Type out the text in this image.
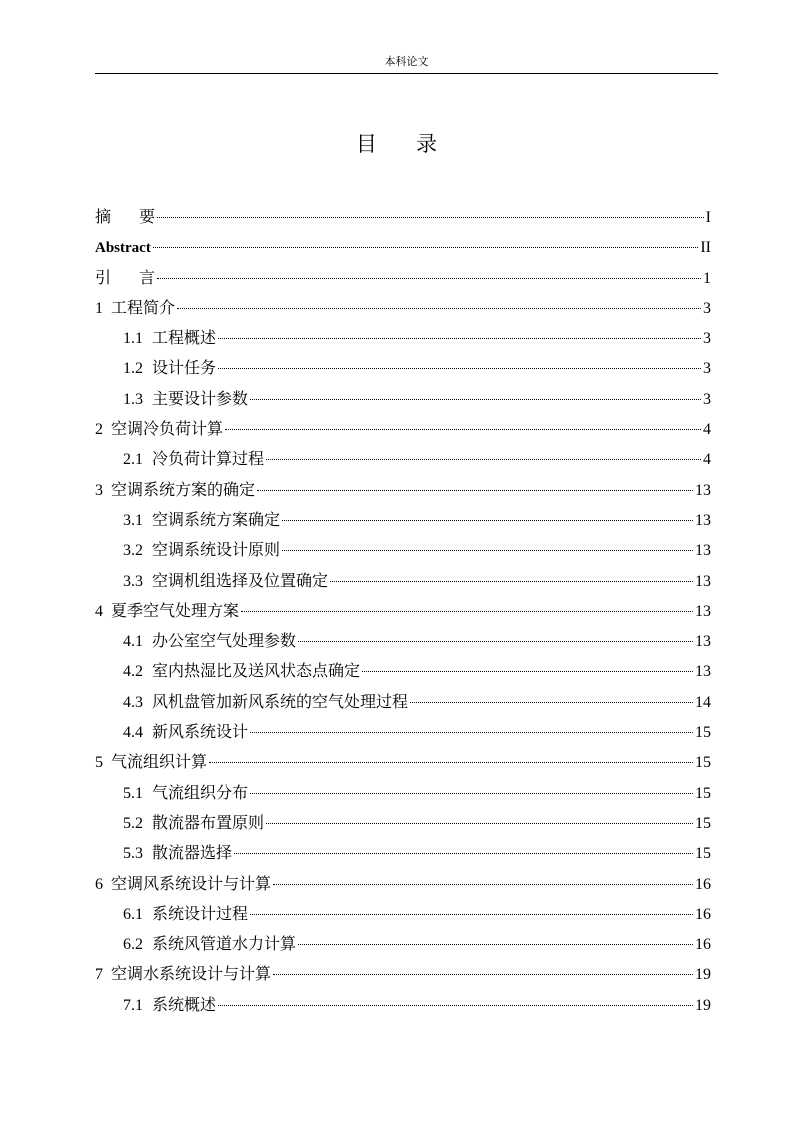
本科论文
目 录
摘 要	I
Abstract	II
引 言	1
1 工程简介	3
1.1 工程概述	3
1.2 设计任务	3
1.3 主要设计参数	3
2 空调冷负荷计算	4
2.1 冷负荷计算过程	4
3 空调系统方案的确定	13
3.1 空调系统方案确定	13
3.2 空调系统设计原则	13
3.3 空调机组选择及位置确定	13
4 夏季空气处理方案	13
4.1 办公室空气处理参数	13
4.2 室内热湿比及送风状态点确定	13
4.3 风机盘管加新风系统的空气处理过程	14
4.4 新风系统设计	15
5 气流组织计算	15
5.1 气流组织分布	15
5.2 散流器布置原则	15
5.3 散流器选择	15
6 空调风系统设计与计算	16
6.1 系统设计过程	16
6.2 系统风管道水力计算	16
7 空调水系统设计与计算	19
7.1 系统概述	19
